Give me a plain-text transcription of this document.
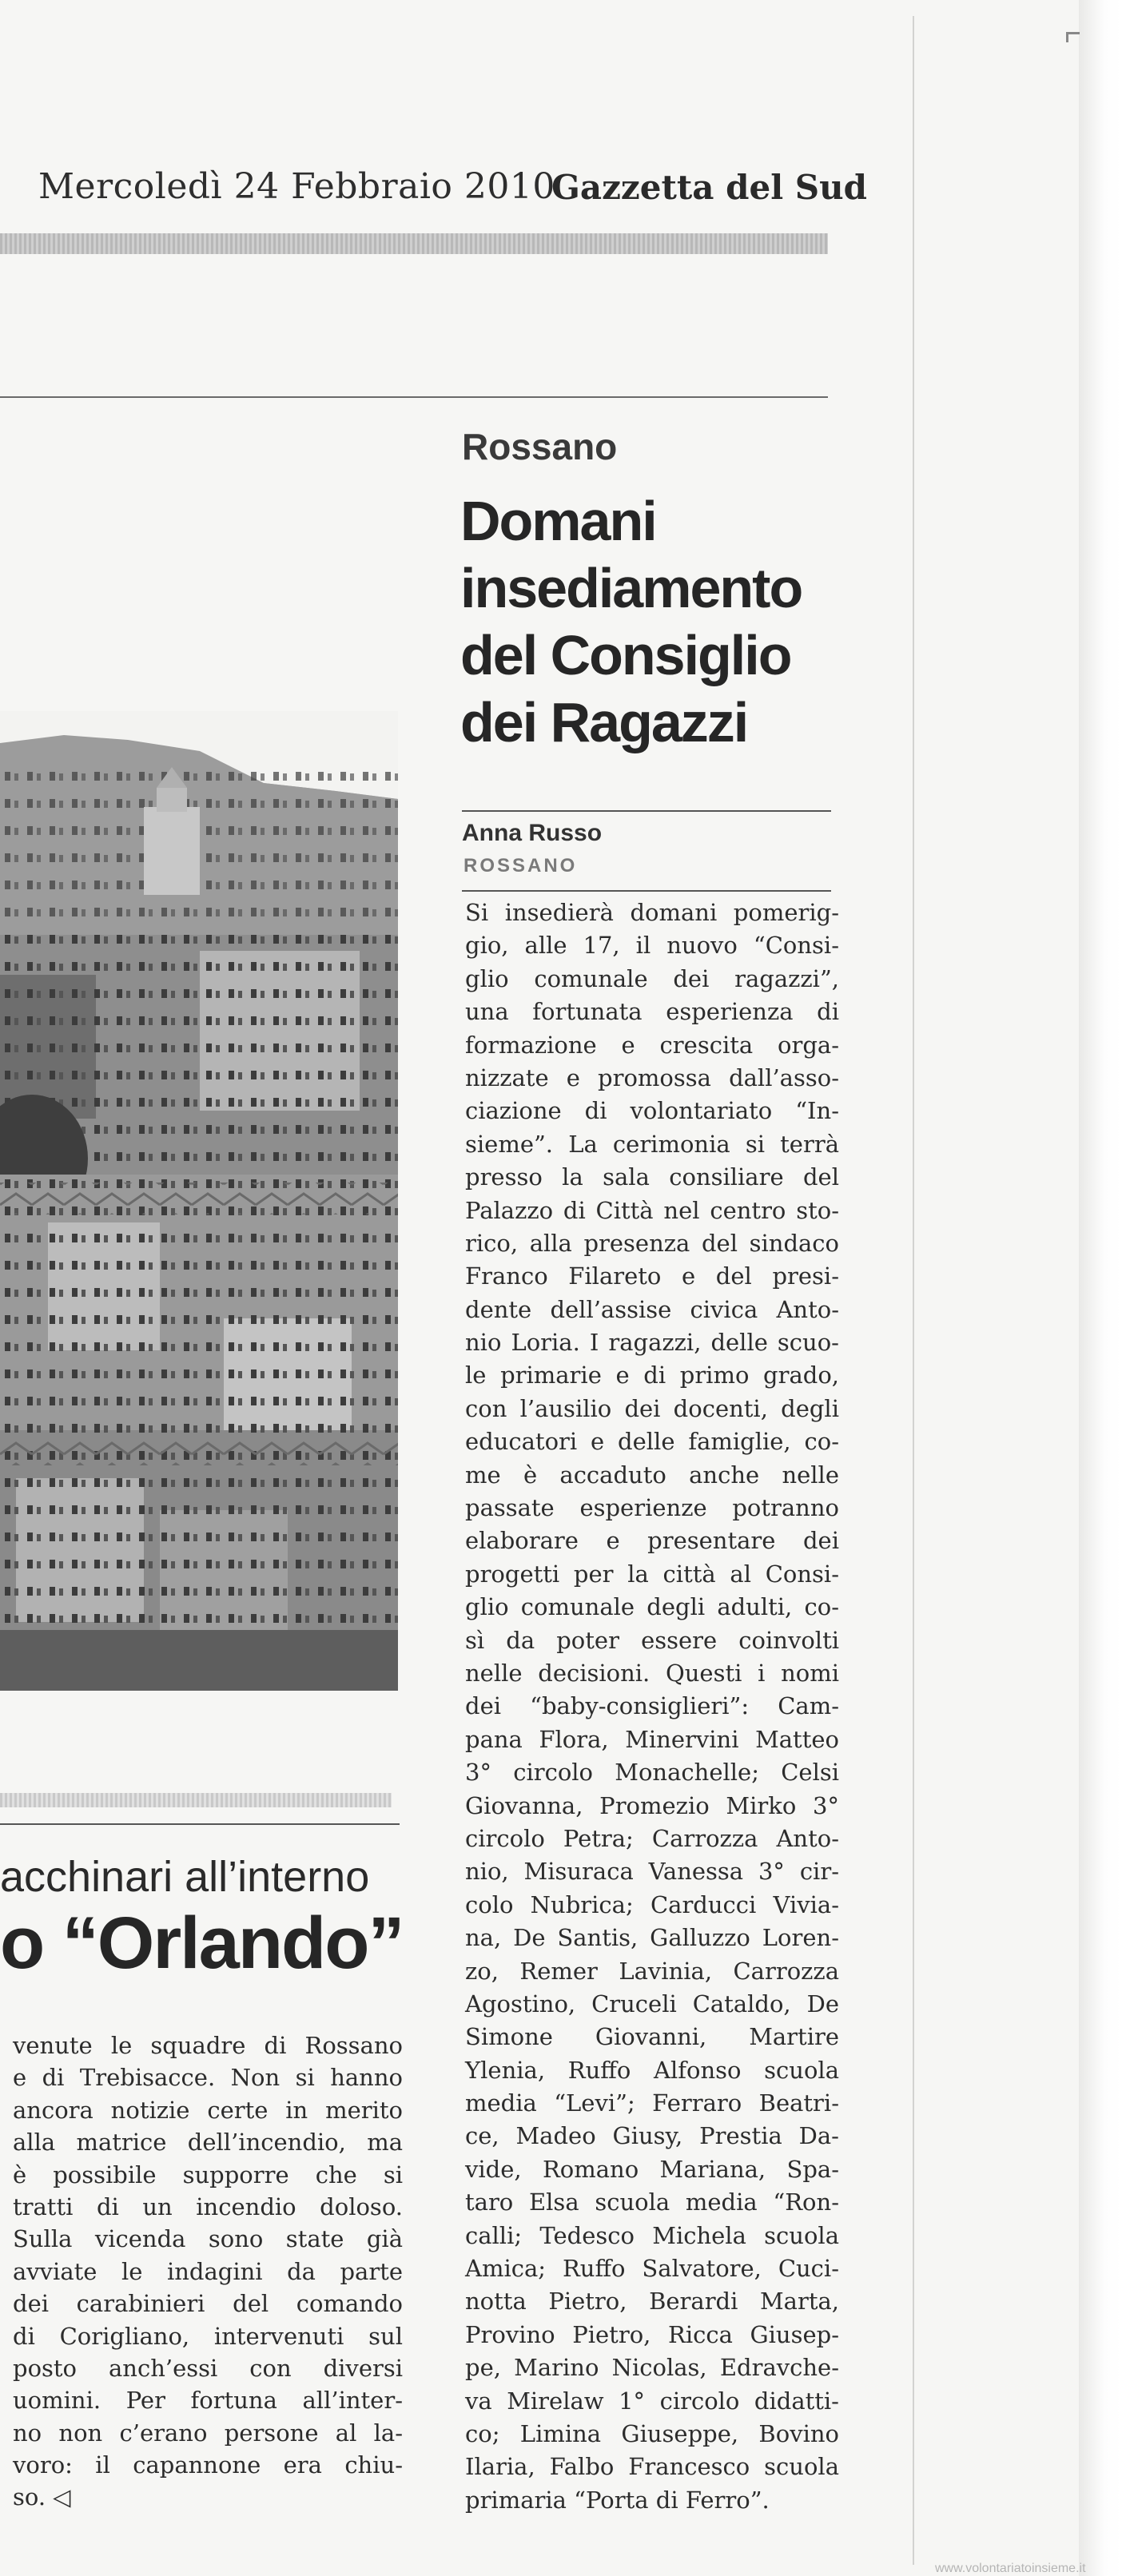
Mercoledì 24 Febbraio 2010
Gazzetta del Sud
Rossano
Domani
insediamento
del Consiglio
dei Ragazzi
Anna Russo
ROSSANO
Si insedierà domani pomerig-
gio, alle 17, il nuovo “Consi-
glio comunale dei ragazzi”,
una fortunata esperienza di
formazione e crescita orga-
nizzate e promossa dall’asso-
ciazione di volontariato “In-
sieme”. La cerimonia si terrà
presso la sala consiliare del
Palazzo di Città nel centro sto-
rico, alla presenza del sindaco
Franco Filareto e del presi-
dente dell’assise civica Anto-
nio Loria. I ragazzi, delle scuo-
le primarie e di primo grado,
con l’ausilio dei docenti, degli
educatori e delle famiglie, co-
me è accaduto anche nelle
passate esperienze potranno
elaborare e presentare dei
progetti per la città al Consi-
glio comunale degli adulti, co-
sì da poter essere coinvolti
nelle decisioni. Questi i nomi
dei “baby-consiglieri”: Cam-
pana Flora, Minervini Matteo
3° circolo Monachelle; Celsi
Giovanna, Promezio Mirko 3°
circolo Petra; Carrozza Anto-
nio, Misuraca Vanessa 3° cir-
colo Nubrica; Carducci Vivia-
na, De Santis, Galluzzo Loren-
zo, Remer Lavinia, Carrozza
Agostino, Cruceli Cataldo, De
Simone Giovanni, Martire
Ylenia, Ruffo Alfonso scuola
media “Levi”; Ferraro Beatri-
ce, Madeo Giusy, Prestia Da-
vide, Romano Mariana, Spa-
taro Elsa scuola media “Ron-
calli; Tedesco Michela scuola
Amica; Ruffo Salvatore, Cuci-
notta Pietro, Berardi Marta,
Provino Pietro, Ricca Giusep-
pe, Marino Nicolas, Edravche-
va Mirelaw 1° circolo didatti-
co; Limina Giuseppe, Bovino
Ilaria, Falbo Francesco scuola
primaria “Porta di Ferro”.
acchinari all’interno
o “Orlando”
venute le squadre di Rossano
e di Trebisacce. Non si hanno
ancora notizie certe in merito
alla matrice dell’incendio, ma
è possibile supporre che si
tratti di un incendio doloso.
Sulla vicenda sono state già
avviate le indagini da parte
dei carabinieri del comando
di Corigliano, intervenuti sul
posto anch’essi con diversi
uomini. Per fortuna all’inter-
no non c’erano persone al la-
voro: il capannone era chiu-
so. ◁
www.volontariatoinsieme.it
